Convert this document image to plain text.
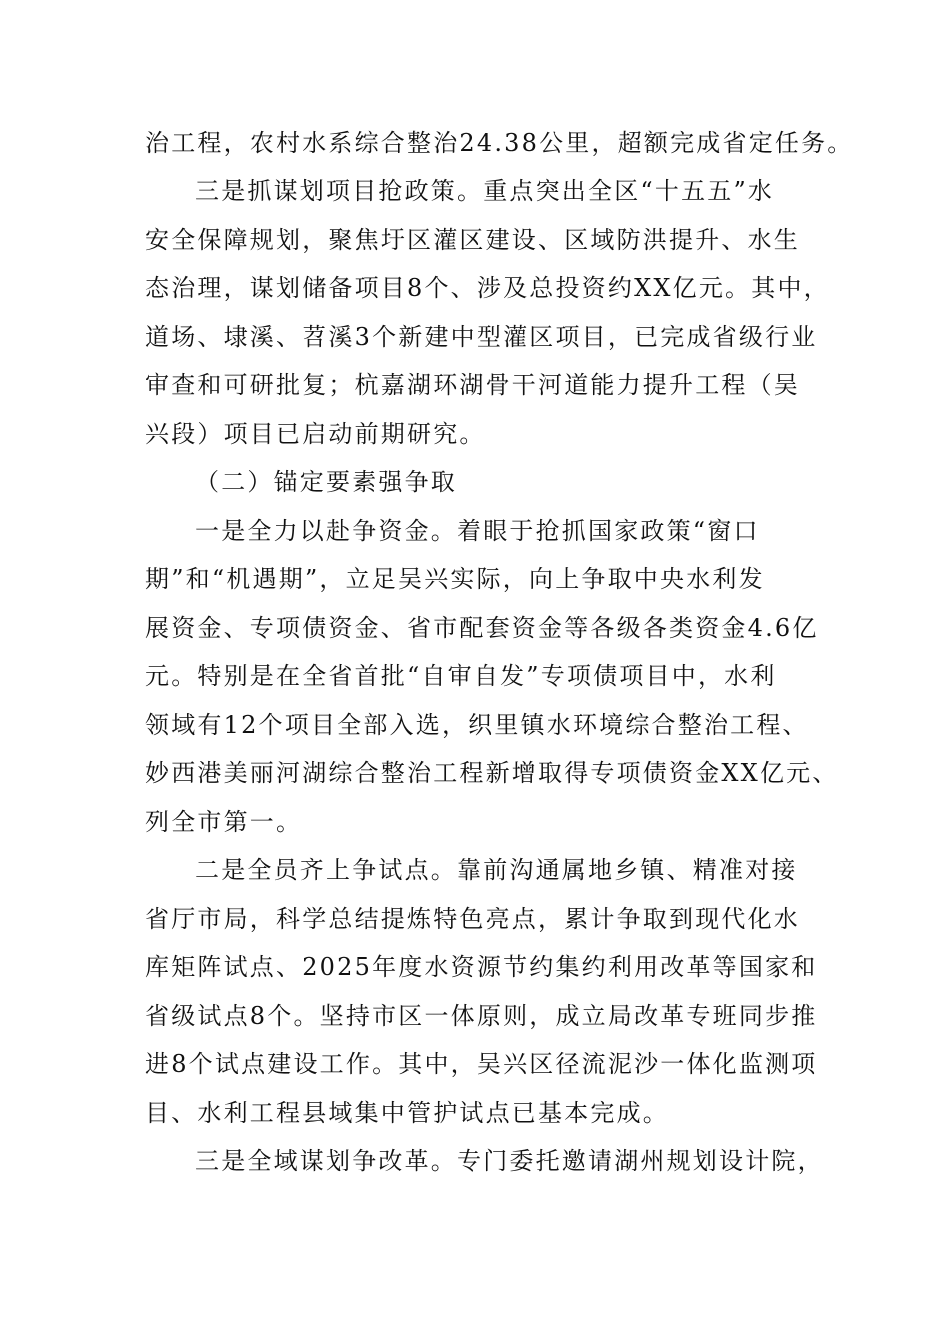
治工程，农村水系综合整治24.38公里，超额完成省定任务。
三是抓谋划项目抢政策。重点突出全区“十五五”水
安全保障规划，聚焦圩区灌区建设、区域防洪提升、水生
态治理，谋划储备项目8个、涉及总投资约XX亿元。其中，
道场、埭溪、苕溪3个新建中型灌区项目，已完成省级行业
审查和可研批复；杭嘉湖环湖骨干河道能力提升工程（吴
兴段）项目已启动前期研究。
（二）锚定要素强争取
一是全力以赴争资金。着眼于抢抓国家政策“窗口
期”和“机遇期”，立足吴兴实际，向上争取中央水利发
展资金、专项债资金、省市配套资金等各级各类资金4.6亿
元。特别是在全省首批“自审自发”专项债项目中，水利
领域有12个项目全部入选，织里镇水环境综合整治工程、
妙西港美丽河湖综合整治工程新增取得专项债资金XX亿元、
列全市第一。
二是全员齐上争试点。靠前沟通属地乡镇、精准对接
省厅市局，科学总结提炼特色亮点，累计争取到现代化水
库矩阵试点、2025年度水资源节约集约利用改革等国家和
省级试点8个。坚持市区一体原则，成立局改革专班同步推
进8个试点建设工作。其中，吴兴区径流泥沙一体化监测项
目、水利工程县域集中管护试点已基本完成。
三是全域谋划争改革。专门委托邀请湖州规划设计院，
